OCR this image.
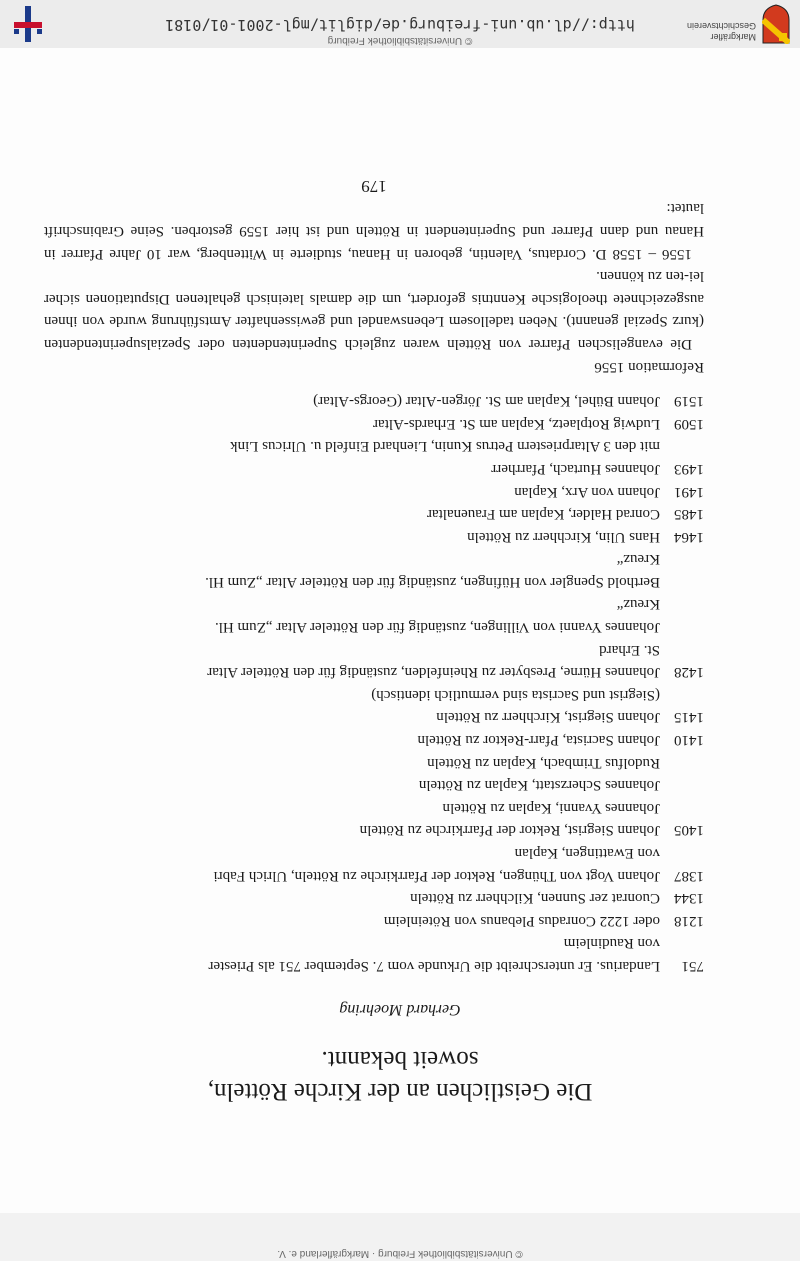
© Universitätsbibliothek Freiburg · Markgräflerland e. V.
Die Geistlichen an der Kirche Rötteln,
soweit bekannt.
Gerhard Moehring
751
Landarius. Er unterschreibt die Urkunde vom 7. September 751 als Priester
von Raudinleim
1218
oder 1222 Conradus Plebanus von Röteinleim
1344
Cuonrat zer Sunnen, Kilchherr zu Rötteln
1387
Johann Vogt von Thüngen, Rektor der Pfarrkirche zu Rötteln, Ulrich Fabri
von Ewattingen, Kaplan
1405
Johann Siegrist, Rektor der Pfarrkirche zu Rötteln
Johannes Yvanni, Kaplan zu Rötteln
Johannes Scherzstatt, Kaplan zu Rötteln
Rudolfus Trimbach, Kaplan zu Rötteln
1410
Johann Sacrista, Pfarr-Rektor zu Rötteln
1415
Johann Siegrist, Kirchherr zu Rötteln
(Siegrist und Sacrista sind vermutlich identisch)
1428
Johannes Hürne, Presbyter zu Rheinfelden, zuständig für den Rötteler Altar
St. Erhard
Johannes Yvanni von Villingen, zuständig für den Rötteler Altar „Zum Hl.
Kreuz“
Berthold Spengler von Hüfingen, zuständig für den Rötteler Altar „Zum Hl.
Kreuz“
1464
Hans Ulin, Kirchherr zu Rötteln
1485
Conrad Halder, Kaplan am Frauenaltar
1491
Johann von Arx, Kaplan
1493
Johannes Hurtach, Pfarrherr
mit den 3 Altarpriestern Petrus Kunin, Lienhard Einfeld u. Ulricus Link
1509
Ludwig Rotplaetz, Kaplan am St. Erhards-Altar
1519
Johann Bühel, Kaplan am St. Jörgen-Altar (Georgs-Altar)
Reformation 1556
Die evangelischen Pfarrer von Rötteln waren zugleich Superintendenten oder Spezialsuperintendenten (kurz Spezial genannt). Neben tadellosem Lebenswandel und gewissenhafter Amtsführung wurde von ihnen ausgezeichnete theologische Kenntnis gefordert, um die damals lateinisch gehaltenen Disputationen sicher lei-ten zu können.
1556 – 1558 D. Cordatus, Valentin, geboren in Hanau, studierte in Wittenberg, war 10 Jahre Pfarrer in Hanau und dann Pfarrer und Superintendent in Rötteln und ist hier 1559 gestorben. Seine Grabinschrift lautet:
179
© Universitätsbibliothek Freiburg
http://dl.ub.uni-freiburg.de/diglit/mgl-2001-01/0181
Markgräfler
Geschichtsverein
